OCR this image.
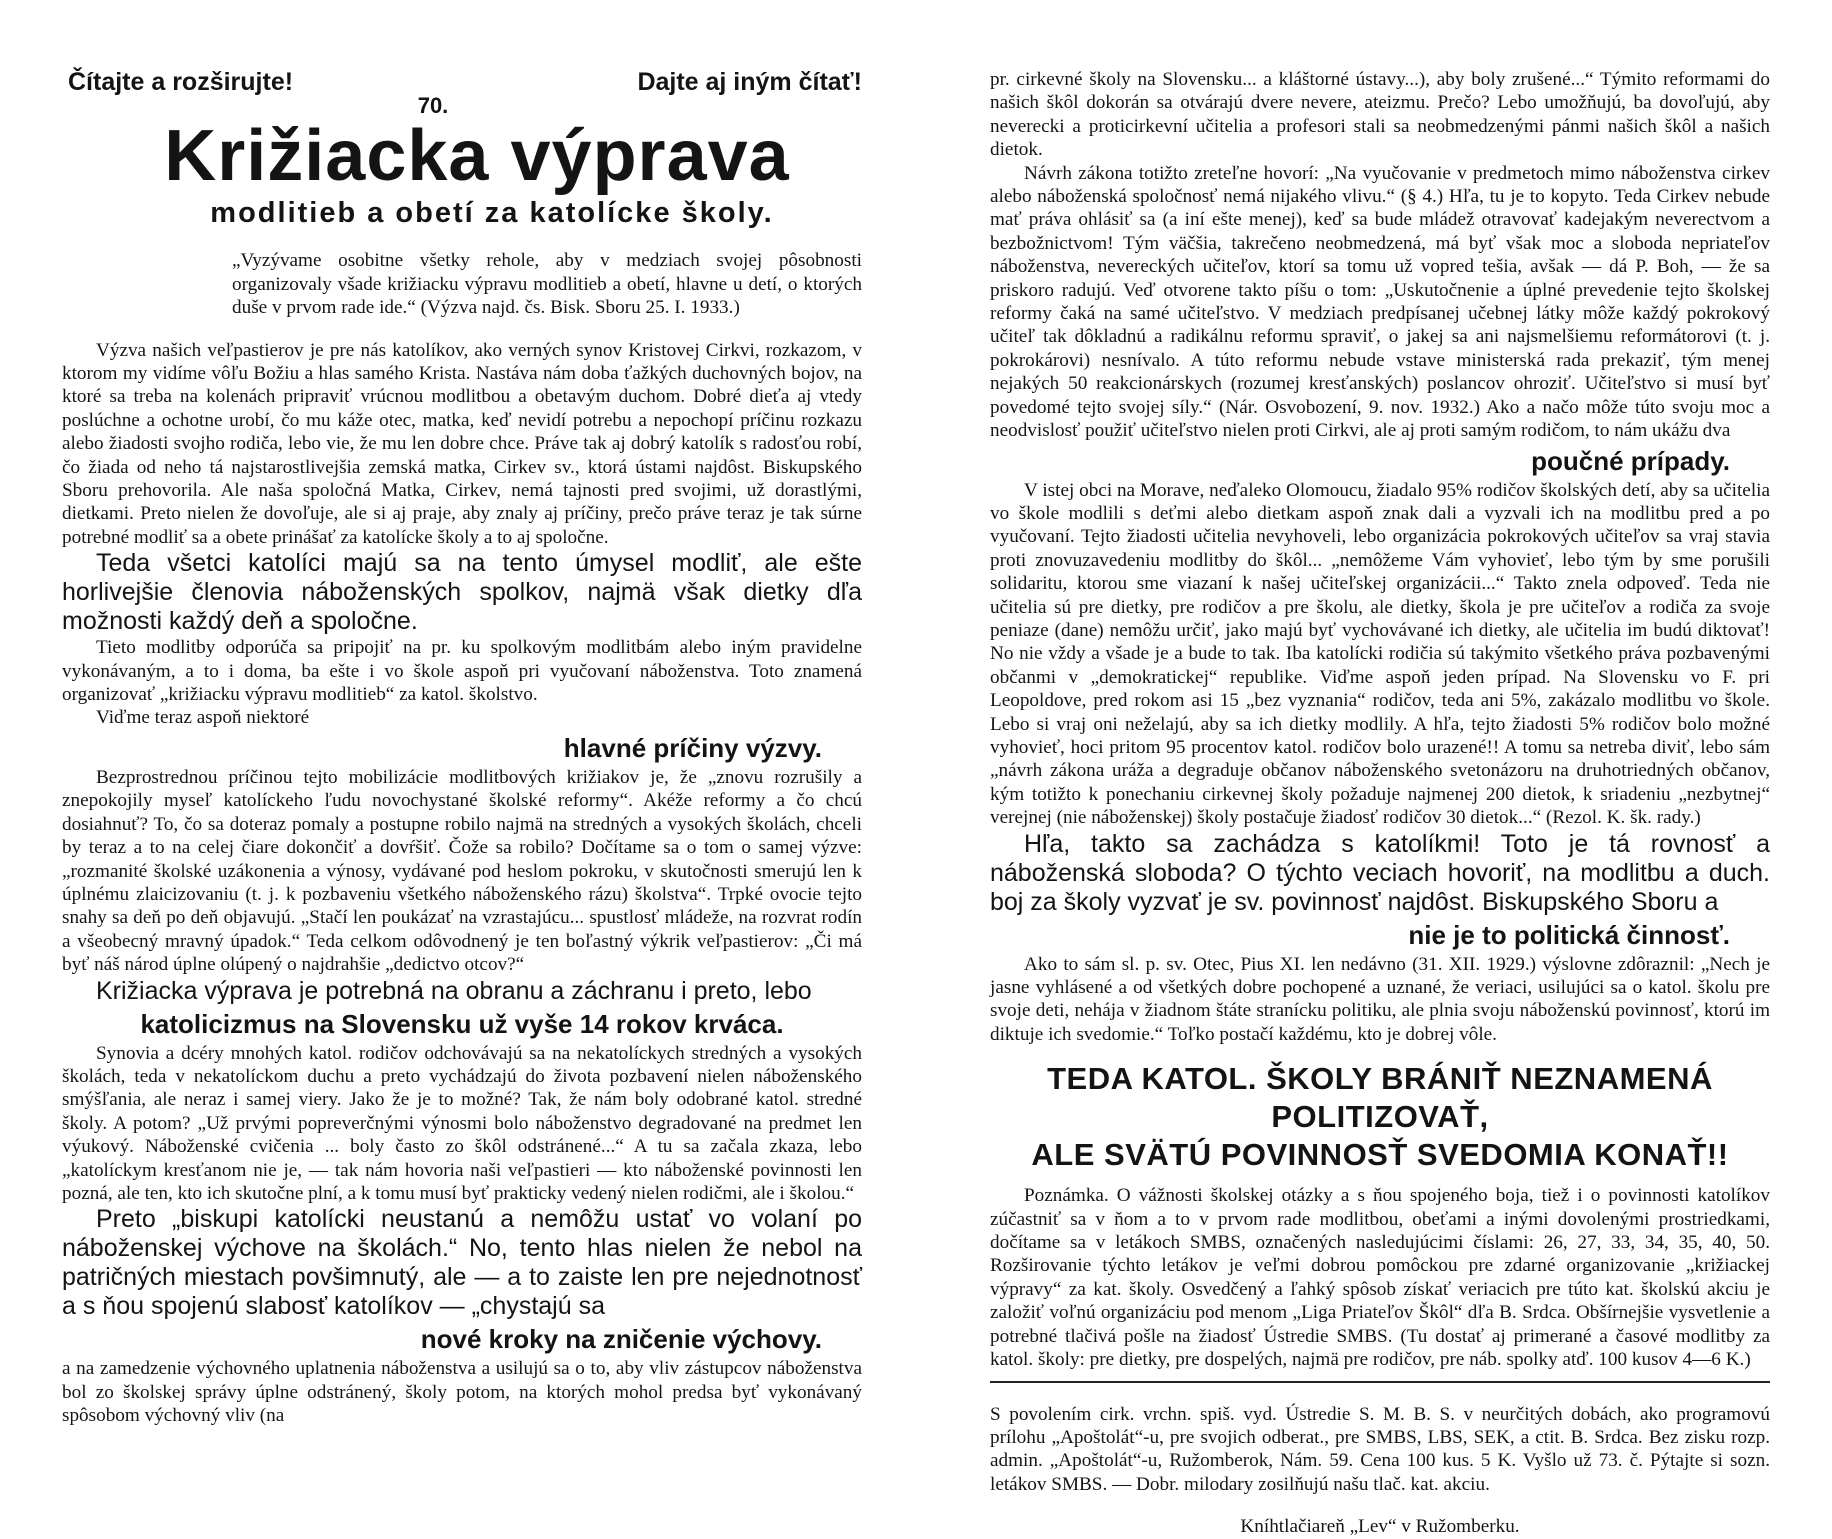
Čítajte a rozširujte!	Dajte aj iným čítať!
70.
Križiacka výprava
modlitieb a obetí za katolícke školy.

„Vyzývame osobitne všetky rehole, aby v medziach svojej pôsobnosti organizovaly všade križiacku výpravu modlitieb a obetí, hlavne u detí, o ktorých duše v prvom rade ide.“ (Výzva najd. čs. Bisk. Sboru 25. I. 1933.)

Výzva našich veľpastierov je pre nás katolíkov, ako verných synov Kristovej Cirkvi, rozkazom, v ktorom my vidíme vôľu Božiu a hlas samého Krista. Nastáva nám doba ťažkých duchovných bojov, na ktoré sa treba na kolenách pripraviť vrúcnou modlitbou a obetavým duchom. Dobré dieťa aj vtedy poslúchne a ochotne urobí, čo mu káže otec, matka, keď nevidí potrebu a nepochopí príčinu rozkazu alebo žiadosti svojho rodiča, lebo vie, že mu len dobre chce. Práve tak aj dobrý katolík s radosťou robí, čo žiada od neho tá najstarostlivejšia zemská matka, Cirkev sv., ktorá ústami najdôst. Biskupského Sboru prehovorila. Ale naša spoločná Matka, Cirkev, nemá tajnosti pred svojimi, už dorastlými, dietkami. Preto nielen že dovoľuje, ale si aj praje, aby znaly aj príčiny, prečo práve teraz je tak súrne potrebné modliť sa a obete prinášať za katolícke školy a to aj spoločne.

Teda všetci katolíci majú sa na tento úmysel modliť, ale ešte horlivejšie členovia náboženských spolkov, najmä však dietky dľa možnosti každý deň a spoločne.

Tieto modlitby odporúča sa pripojiť na pr. ku spolkovým modlitbám alebo iným pravidelne vykonávaným, a to i doma, ba ešte i vo škole aspoň pri vyučovaní náboženstva. Toto znamená organizovať „križiacku výpravu modlitieb“ za katol. školstvo.

Viďme teraz aspoň niektoré

hlavné príčiny výzvy.

Bezprostrednou príčinou tejto mobilizácie modlitbových križiakov je, že „znovu rozrušily a znepokojily myseľ katolíckeho ľudu novochystané školské reformy“. Akéže reformy a čo chcú dosiahnuť? To, čo sa doteraz pomaly a postupne robilo najmä na stredných a vysokých školách, chceli by teraz a to na celej čiare dokončiť a dovŕšiť. Čože sa robilo? Dočítame sa o tom o samej výzve: „rozmanité školské uzákonenia a výnosy, vydávané pod heslom pokroku, v skutočnosti smerujú len k úplnému zlaicizovaniu (t. j. k pozbaveniu všetkého náboženského rázu) školstva“. Trpké ovocie tejto snahy sa deň po deň objavujú. „Stačí len poukázať na vzrastajúcu... spustlosť mládeže, na rozvrat rodín a všeobecný mravný úpadok.“ Teda celkom odôvodnený je ten boľastný výkrik veľpastierov: „Či má byť náš národ úplne olúpený o najdrahšie „dedictvo otcov?“

Križiacka výprava je potrebná na obranu a záchranu i preto, lebo

katolicizmus na Slovensku už vyše 14 rokov krváca.

Synovia a dcéry mnohých katol. rodičov odchovávajú sa na nekatolíckych stredných a vysokých školách, teda v nekatolíckom duchu a preto vychádzajú do života pozbavení nielen náboženského smýšľania, ale neraz i samej viery. Jako že je to možné? Tak, že nám boly odobrané katol. stredné školy. A potom? „Už prvými popreverčnými výnosmi bolo náboženstvo degradované na predmet len výukový. Náboženské cvičenia ... boly často zo škôl odstránené...“ A tu sa začala zkaza, lebo „katolíckym kresťanom nie je, — tak nám hovoria naši veľpastieri — kto náboženské povinnosti len pozná, ale ten, kto ich skutočne plní, a k tomu musí byť prakticky vedený nielen rodičmi, ale i školou.“

Preto „biskupi katolícki neustanú a nemôžu ustať vo volaní po náboženskej výchove na školách.“ No, tento hlas nielen že nebol na patričných miestach povšimnutý, ale — a to zaiste len pre nejednotnosť a s ňou spojenú slabosť katolíkov — „chystajú sa

nové kroky na zničenie výchovy.

a na zamedzenie výchovného uplatnenia náboženstva a usilujú sa o to, aby vliv zástupcov náboženstva bol zo školskej správy úplne odstránený, školy potom, na ktorých mohol predsa byť vykonávaný spôsobom výchovný vliv (na

pr. cirkevné školy na Slovensku... a kláštorné ústavy...), aby boly zrušené...“ Týmito reformami do našich škôl dokorán sa otvárajú dvere nevere, ateizmu. Prečo? Lebo umožňujú, ba dovoľujú, aby neverecki a proticirkevní učitelia a profesori stali sa neobmedzenými pánmi našich škôl a našich dietok.

Návrh zákona totižto zreteľne hovorí: „Na vyučovanie v predmetoch mimo náboženstva cirkev alebo náboženská spoločnosť nemá nijakého vlivu.“ (§ 4.) Hľa, tu je to kopyto. Teda Cirkev nebude mať práva ohlásiť sa (a iní ešte menej), keď sa bude mládež otravovať kadejakým neverectvom a bezbožnictvom! Tým väčšia, takrečeno neobmedzená, má byť však moc a sloboda nepriateľov náboženstva, nevereckých učiteľov, ktorí sa tomu už vopred tešia, avšak — dá P. Boh, — že sa priskoro radujú. Veď otvorene takto píšu o tom: „Uskutočnenie a úplné prevedenie tejto školskej reformy čaká na samé učiteľstvo. V medziach predpísanej učebnej látky môže každý pokrokový učiteľ tak dôkladnú a radikálnu reformu spraviť, o jakej sa ani najsmelšiemu reformátorovi (t. j. pokrokárovi) nesnívalo. A túto reformu nebude vstave ministerská rada prekaziť, tým menej nejakých 50 reakcionárskych (rozumej kresťanských) poslancov ohroziť. Učiteľstvo si musí byť povedomé tejto svojej síly.“ (Nár. Osvobození, 9. nov. 1932.) Ako a načo môže túto svoju moc a neodvislosť použiť učiteľstvo nielen proti Cirkvi, ale aj proti samým rodičom, to nám ukážu dva

poučné prípady.

V istej obci na Morave, neďaleko Olomoucu, žiadalo 95% rodičov školských detí, aby sa učitelia vo škole modlili s deťmi alebo dietkam aspoň znak dali a vyzvali ich na modlitbu pred a po vyučovaní. Tejto žiadosti učitelia nevyhoveli, lebo organizácia pokrokových učiteľov sa vraj stavia proti znovuzavedeniu modlitby do škôl... „nemôžeme Vám vyhovieť, lebo tým by sme porušili solidaritu, ktorou sme viazaní k našej učiteľskej organizácii...“ Takto znela odpoveď. Teda nie učitelia sú pre dietky, pre rodičov a pre školu, ale dietky, škola je pre učiteľov a rodiča za svoje peniaze (dane) nemôžu určiť, jako majú byť vychovávané ich dietky, ale učitelia im budú diktovať! No nie vždy a všade je a bude to tak. Iba katolícki rodičia sú takýmito všetkého práva pozbavenými občanmi v „demokratickej“ republike. Viďme aspoň jeden prípad. Na Slovensku vo F. pri Leopoldove, pred rokom asi 15 „bez vyznania“ rodičov, teda ani 5%, zakázalo modlitbu vo škole. Lebo si vraj oni neželajú, aby sa ich dietky modlily. A hľa, tejto žiadosti 5% rodičov bolo možné vyhovieť, hoci pritom 95 procentov katol. rodičov bolo urazené!! A tomu sa netreba diviť, lebo sám „návrh zákona uráža a degraduje občanov náboženského svetonázoru na druhotriedných občanov, kým totižto k ponechaniu cirkevnej školy požaduje najmenej 200 dietok, k sriadeniu „nezbytnej“ verejnej (nie náboženskej) školy postačuje žiadosť rodičov 30 dietok...“ (Rezol. K. šk. rady.)

Hľa, takto sa zachádza s katolíkmi! Toto je tá rovnosť a náboženská sloboda? O týchto veciach hovoriť, na modlitbu a duch. boj za školy vyzvať je sv. povinnosť najdôst. Biskupského Sboru a

nie je to politická činnosť.

Ako to sám sl. p. sv. Otec, Pius XI. len nedávno (31. XII. 1929.) výslovne zdôraznil: „Nech je jasne vyhlásené a od všetkých dobre pochopené a uznané, že veriaci, usilujúci sa o katol. školu pre svoje deti, nehája v žiadnom štáte stranícku politiku, ale plnia svoju náboženskú povinnosť, ktorú im diktuje ich svedomie.“ Toľko postačí každému, kto je dobrej vôle.

TEDA KATOL. ŠKOLY BRÁNIŤ NEZNAMENÁ POLITIZOVAŤ,
ALE SVÄTÚ POVINNOSŤ SVEDOMIA KONAŤ!!

Poznámka. O vážnosti školskej otázky a s ňou spojeného boja, tiež i o povinnosti katolíkov zúčastniť sa v ňom a to v prvom rade modlitbou, obeťami a inými dovolenými prostriedkami, dočítame sa v letákoch SMBS, označených nasledujúcimi číslami: 26, 27, 33, 34, 35, 40, 50. Rozširovanie týchto letákov je veľmi dobrou pomôckou pre zdarné organizovanie „križiackej výpravy“ za kat. školy. Osvedčený a ľahký spôsob získať veriacich pre túto kat. školskú akciu je založiť voľnú organizáciu pod menom „Liga Priateľov Škôl“ dľa B. Srdca. Obšírnejšie vysvetlenie a potrebné tlačivá pošle na žiadosť Ústredie SMBS. (Tu dostať aj primerané a časové modlitby za katol. školy: pre dietky, pre dospelých, najmä pre rodičov, pre náb. spolky atď. 100 kusov 4—6 K.)

S povolením cirk. vrchn. spiš. vyd. Ústredie S. M. B. S. v neurčitých dobách, ako programovú prílohu „Apoštolát“-u, pre svojich odberat., pre SMBS, LBS, SEK, a ctit. B. Srdca. Bez zisku rozp. admin. „Apoštolát“-u, Ružomberok, Nám. 59. Cena 100 kus. 5 K. Vyšlo už 73. č. Pýtajte si sozn. letákov SMBS. — Dobr. milodary zosilňujú našu tlač. kat. akciu.

Kníhtlačiareň „Lev“ v Ružomberku.
